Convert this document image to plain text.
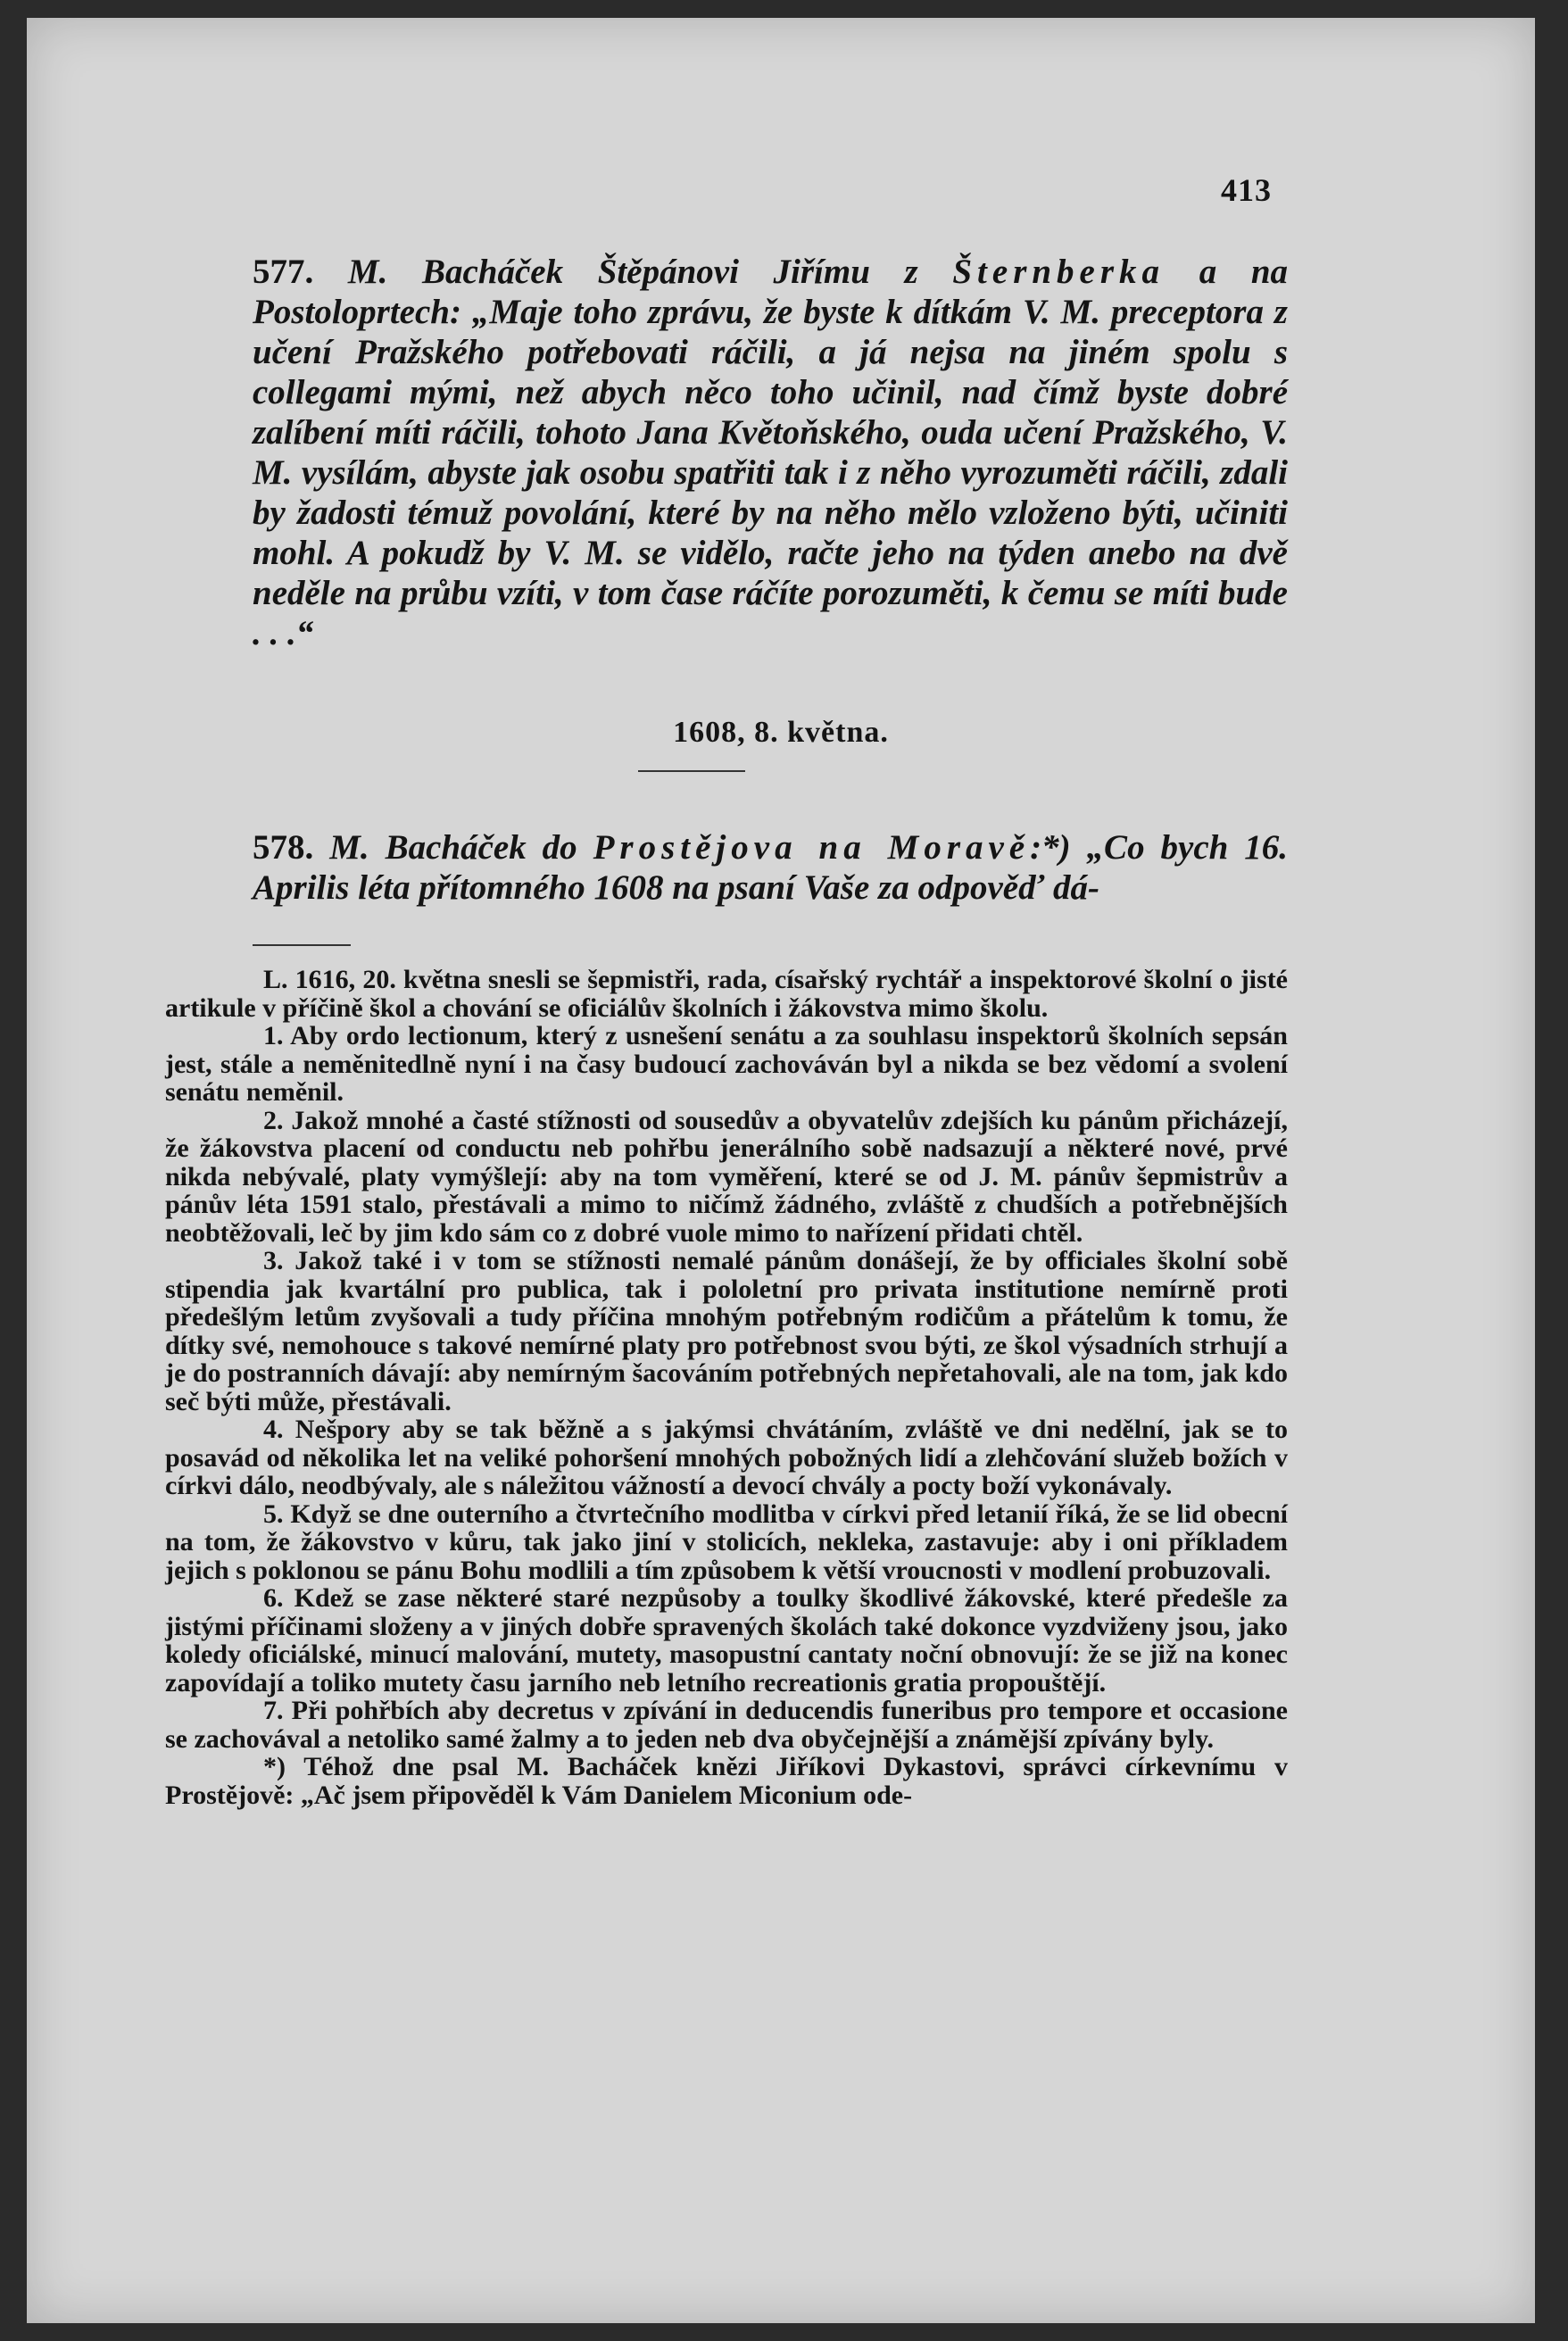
413
577. M. Bacháček Štěpánovi Jiřímu z Šternberka a na Postoloprtech: „Maje toho zprávu, že byste k dítkám V. M. preceptora z učení Pražského potřebovati ráčili, a já nejsa na jiném spolu s collegami mými, než abych něco toho učinil, nad čímž byste dobré zalíbení míti ráčili, tohoto Jana Květoňského, ouda učení Pražského, V. M. vysílám, abyste jak osobu spatřiti tak i z něho vyrozuměti ráčili, zdali by žadosti témuž povolání, které by na něho mělo vzloženo býti, učiniti mohl. A pokudž by V. M. se vidělo, račte jeho na týden anebo na dvě neděle na průbu vzíti, v tom čase ráčíte porozuměti, k čemu se míti bude . . .“
1608, 8. května.
578. M. Bacháček do Prostějova na Moravě:*) „Co bych 16. Aprilis léta přítomného 1608 na psaní Vaše za odpověď dá-

L. 1616, 20. května snesli se šepmistři, rada, císařský rychtář a inspektorové školní o jisté artikule v příčině škol a chování se oficiálův školních i žákovstva mimo školu.

1. Aby ordo lectionum, který z usnešení senátu a za souhlasu inspektorů školních sepsán jest, stále a neměnitedlně nyní i na časy budoucí zachováván byl a nikda se bez vědomí a svolení senátu neměnil.

2. Jakož mnohé a časté stížnosti od sousedův a obyvatelův zdejších ku pánům přicházejí, že žákovstva placení od conductu neb pohřbu jenerálního sobě nadsazují a některé nové, prvé nikda nebývalé, platy vymýšlejí: aby na tom vyměření, které se od J. M. pánův šepmistrův a pánův léta 1591 stalo, přestávali a mimo to ničímž žádného, zvláště z chudších a potřebnějších neobtěžovali, leč by jim kdo sám co z dobré vuole mimo to nařízení přidati chtěl.

3. Jakož také i v tom se stížnosti nemalé pánům donášejí, že by officiales školní sobě stipendia jak kvartální pro publica, tak i pololetní pro privata institutione nemírně proti předešlým letům zvyšovali a tudy příčina mnohým potřebným rodičům a přátelům k tomu, že dítky své, nemohouce s takové nemírné platy pro potřebnost svou býti, ze škol výsadních strhují a je do postranních dávají: aby nemírným šacováním potřebných nepřetahovali, ale na tom, jak kdo seč býti může, přestávali.

4. Nešpory aby se tak běžně a s jakýmsi chvátáním, zvláště ve dni nedělní, jak se to posavád od několika let na veliké pohoršení mnohých pobožných lidí a zlehčování služeb božích v církvi dálo, neodbývaly, ale s náležitou vážností a devocí chvály a pocty boží vykonávaly.

5. Když se dne outerního a čtvrtečního modlitba v církvi před letanií říká, že se lid obecní na tom, že žákovstvo v kůru, tak jako jiní v stolicích, neklekа, zastavuje: aby i oni příkladem jejich s poklonou se pánu Bohu modlili a tím způsobem k větší vroucnosti v modlení probuzovali.

6. Kdež se zase některé staré nezpůsoby a toulky škodlivé žákovské, které předešle za jistými příčinami složeny a v jiných dobře spravených školách také dokonce vyzdviženy jsou, jako koledy oficiálské, minucí malování, mutety, masopustní cantaty noční obnovují: že se již na konec zapovídají a toliko mutety času jarního neb letního recreationis gratia propouštějí.

7. Při pohřbích aby decretus v zpívání in deducendis funeribus pro tempore et occasione se zachovával a netoliko samé žalmy a to jeden neb dva obyčejnější a známější zpívány byly.

*) Téhož dne psal M. Bacháček knězi Jiříkovi Dykastovi, správci církevnímu v Prostějově: „Ač jsem připověděl k Vám Danielem Miconium ode-
